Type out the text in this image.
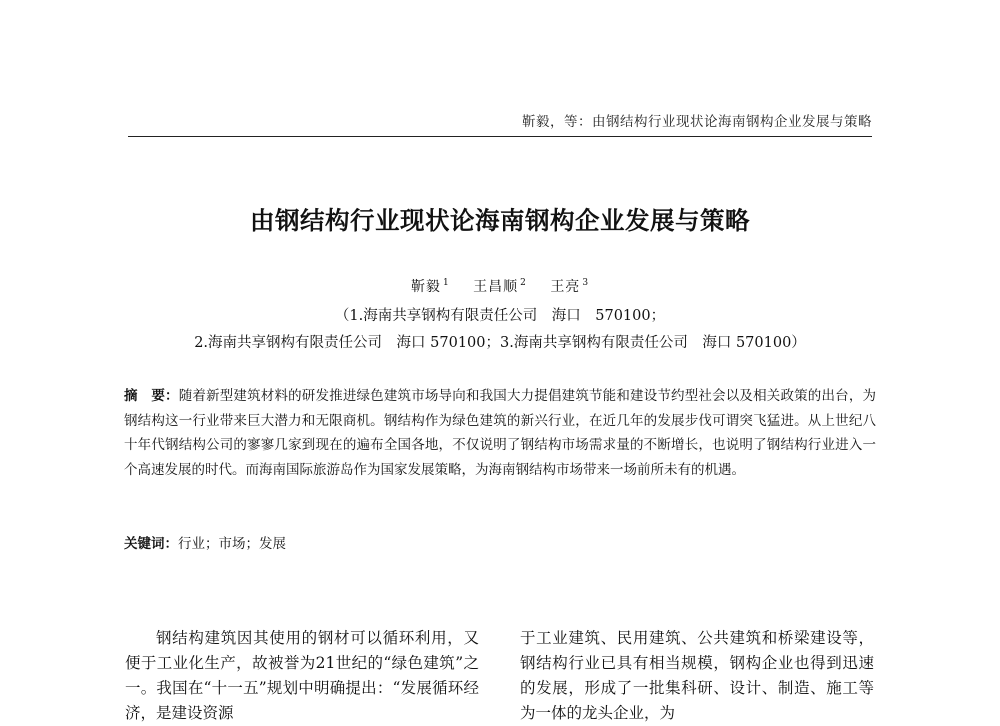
靳毅，等：由钢结构行业现状论海南钢构企业发展与策略
由钢结构行业现状论海南钢构企业发展与策略
靳毅 $^1$ 王昌顺 $^2$ 王亮 $^3$
（1.海南共享钢构有限责任公司　海口　570100；
2.海南共享钢构有限责任公司　海口 570100；3.海南共享钢构有限责任公司　海口 570100）
摘　要：随着新型建筑材料的研发推进绿色建筑市场导向和我国大力提倡建筑节能和建设节约型社会以及相关政策的出台，为钢结构这一行业带来巨大潜力和无限商机。钢结构作为绿色建筑的新兴行业，在近几年的发展步伐可谓突飞猛进。从上世纪八十年代钢结构公司的寥寥几家到现在的遍布全国各地，不仅说明了钢结构市场需求量的不断增长，也说明了钢结构行业进入一个高速发展的时代。而海南国际旅游岛作为国家发展策略，为海南钢结构市场带来一场前所未有的机遇。
关键词：行业；市场；发展

钢结构建筑因其使用的钢材可以循环利用，又便于工业化生产，故被誉为21世纪的“绿色建筑”之一。我国在“十一五”规划中明确提出：“发展循环经济，是建设资源

于工业建筑、民用建筑、公共建筑和桥梁建设等，钢结构行业已具有相当规模，钢构企业也得到迅速的发展，形成了一批集科研、设计、制造、施工等为一体的龙头企业，为
